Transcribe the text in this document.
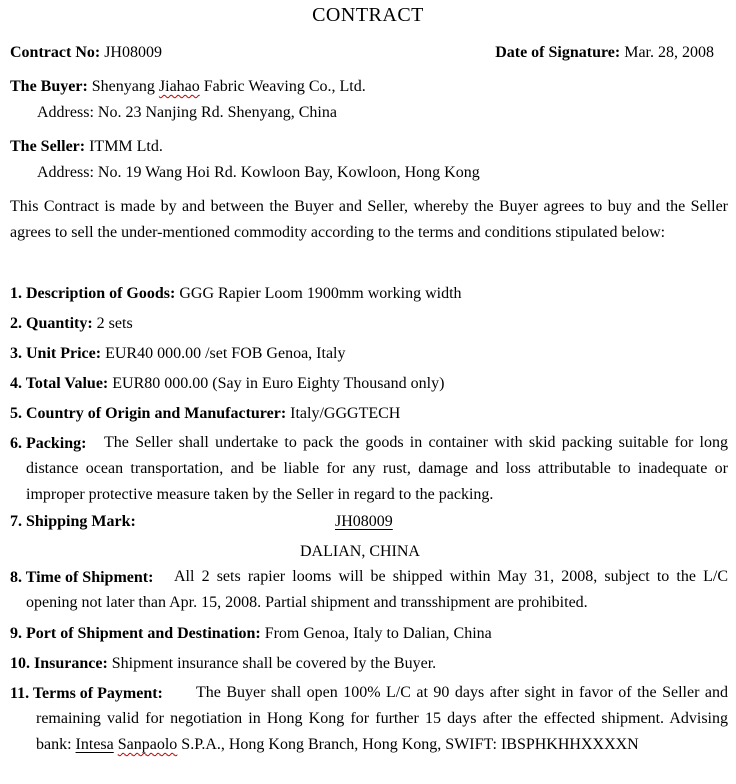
CONTRACT
Contract No: JH08009	Date of Signature: Mar. 28, 2008
The Buyer: Shenyang Jiahao Fabric Weaving Co., Ltd.
Address: No. 23 Nanjing Rd. Shenyang, China
The Seller: ITMM Ltd.
Address: No. 19 Wang Hoi Rd. Kowloon Bay, Kowloon, Hong Kong
This Contract is made by and between the Buyer and Seller, whereby the Buyer agrees to buy and the Seller agrees to sell the under-mentioned commodity according to the terms and conditions stipulated below:
1. Description of Goods: GGG Rapier Loom 1900mm working width
2. Quantity: 2 sets
3. Unit Price: EUR40 000.00 /set FOB Genoa, Italy
4. Total Value: EUR80 000.00 (Say in Euro Eighty Thousand only)
5. Country of Origin and Manufacturer: Italy/GGGTECH
6. Packing:	The Seller shall undertake to pack the goods in container with skid packing suitable for long distance ocean transportation, and be liable for any rust, damage and loss attributable to inadequate or improper protective measure taken by the Seller in regard to the packing.
7. Shipping Mark:	JH08009
DALIAN, CHINA
8. Time of Shipment:	All 2 sets rapier looms will be shipped within May 31, 2008, subject to the L/C opening not later than Apr. 15, 2008. Partial shipment and transshipment are prohibited.
9. Port of Shipment and Destination: From Genoa, Italy to Dalian, China
10. Insurance: Shipment insurance shall be covered by the Buyer.
11. Terms of Payment:	The Buyer shall open 100% L/C at 90 days after sight in favor of the Seller and remaining valid for negotiation in Hong Kong for further 15 days after the effected shipment. Advising bank: Intesa Sanpaolo S.P.A., Hong Kong Branch, Hong Kong, SWIFT: IBSPHKHHXXXXN
